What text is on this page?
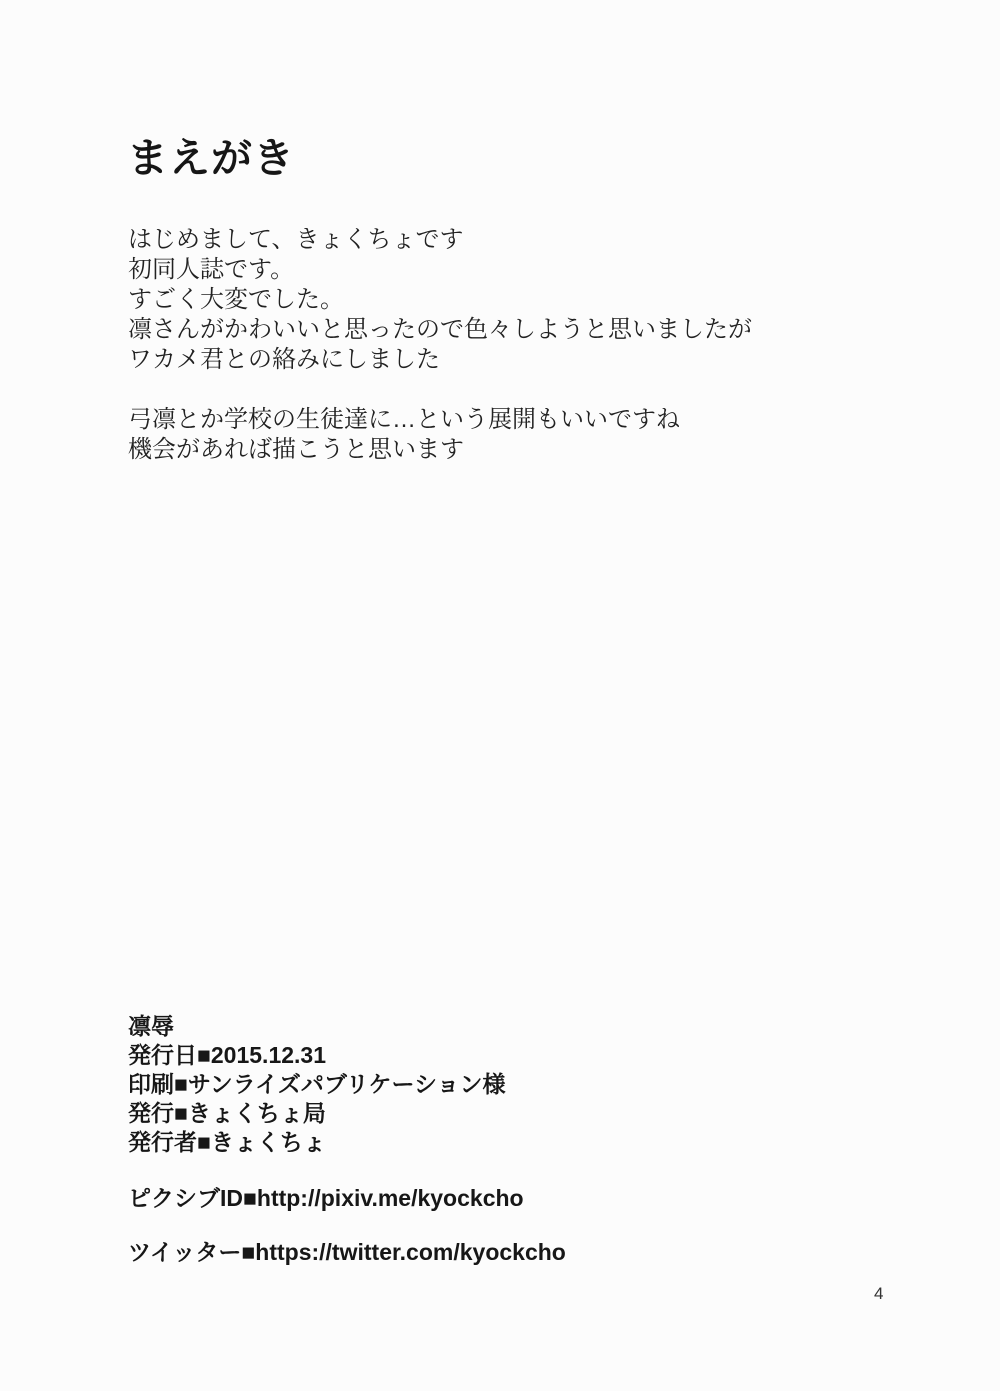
まえがき
はじめまして、きょくちょです
初同人誌です。
すごく大変でした。
凛さんがかわいいと思ったので色々しようと思いましたが
ワカメ君との絡みにしました
弓凛とか学校の生徒達に…という展開もいいですね
機会があれば描こうと思います
凛辱
発行日■2015.12.31
印刷■サンライズパブリケーション様
発行■きょくちょ局
発行者■きょくちょ
ピクシブID■http://pixiv.me/kyockcho
ツイッター■https://twitter.com/kyockcho
4
